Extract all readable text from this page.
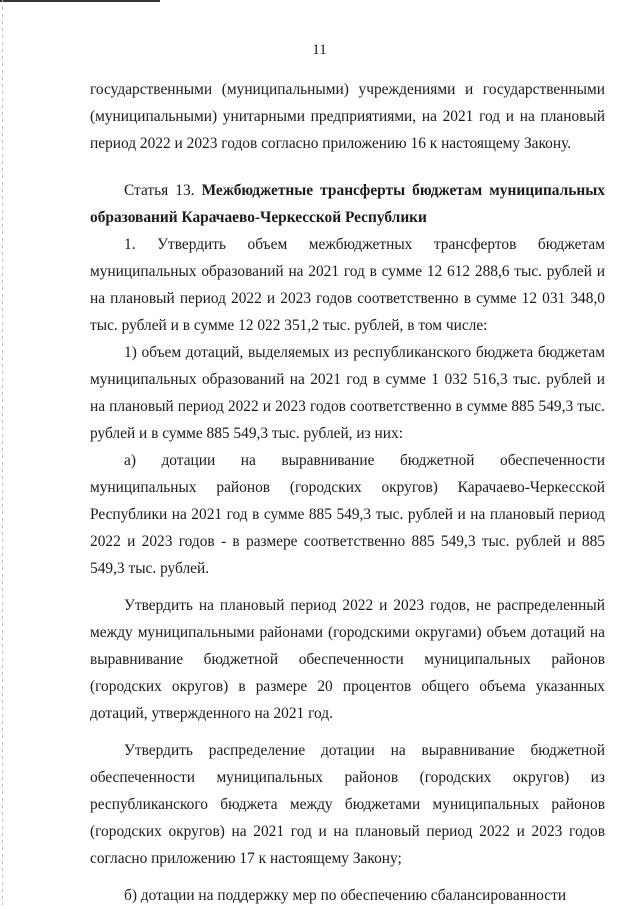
11

государственными (муниципальными) учреждениями и государственными (муниципальными) унитарными предприятиями, на 2021 год и на плановый период 2022 и 2023 годов согласно приложению 16 к настоящему Закону.

Статья 13. Межбюджетные трансферты бюджетам муниципальных образований Карачаево-Черкесской Республики

1. Утвердить объем межбюджетных трансфертов бюджетам муниципальных образований на 2021 год в сумме 12 612 288,6 тыс. рублей и на плановый период 2022 и 2023 годов соответственно в сумме 12 031 348,0 тыс. рублей и в сумме 12 022 351,2 тыс. рублей, в том числе:

1) объем дотаций, выделяемых из республиканского бюджета бюджетам муниципальных образований на 2021 год в сумме 1 032 516,3 тыс. рублей и на плановый период 2022 и 2023 годов соответственно в сумме 885 549,3 тыс. рублей и в сумме 885 549,3 тыс. рублей, из них:

а) дотации на выравнивание бюджетной обеспеченности муниципальных районов (городских округов) Карачаево-Черкесской Республики на 2021 год в сумме 885 549,3 тыс. рублей и на плановый период 2022 и 2023 годов - в размере соответственно 885 549,3 тыс. рублей и 885 549,3 тыс. рублей.

Утвердить на плановый период 2022 и 2023 годов, не распределенный между муниципальными районами (городскими округами) объем дотаций на выравнивание бюджетной обеспеченности муниципальных районов (городских округов) в размере 20 процентов общего объема указанных дотаций, утвержденного на 2021 год.

Утвердить распределение дотации на выравнивание бюджетной обеспеченности муниципальных районов (городских округов) из республиканского бюджета между бюджетами муниципальных районов (городских округов) на 2021 год и на плановый период 2022 и 2023 годов согласно приложению 17 к настоящему Закону;

б) дотации на поддержку мер по обеспечению сбалансированности
